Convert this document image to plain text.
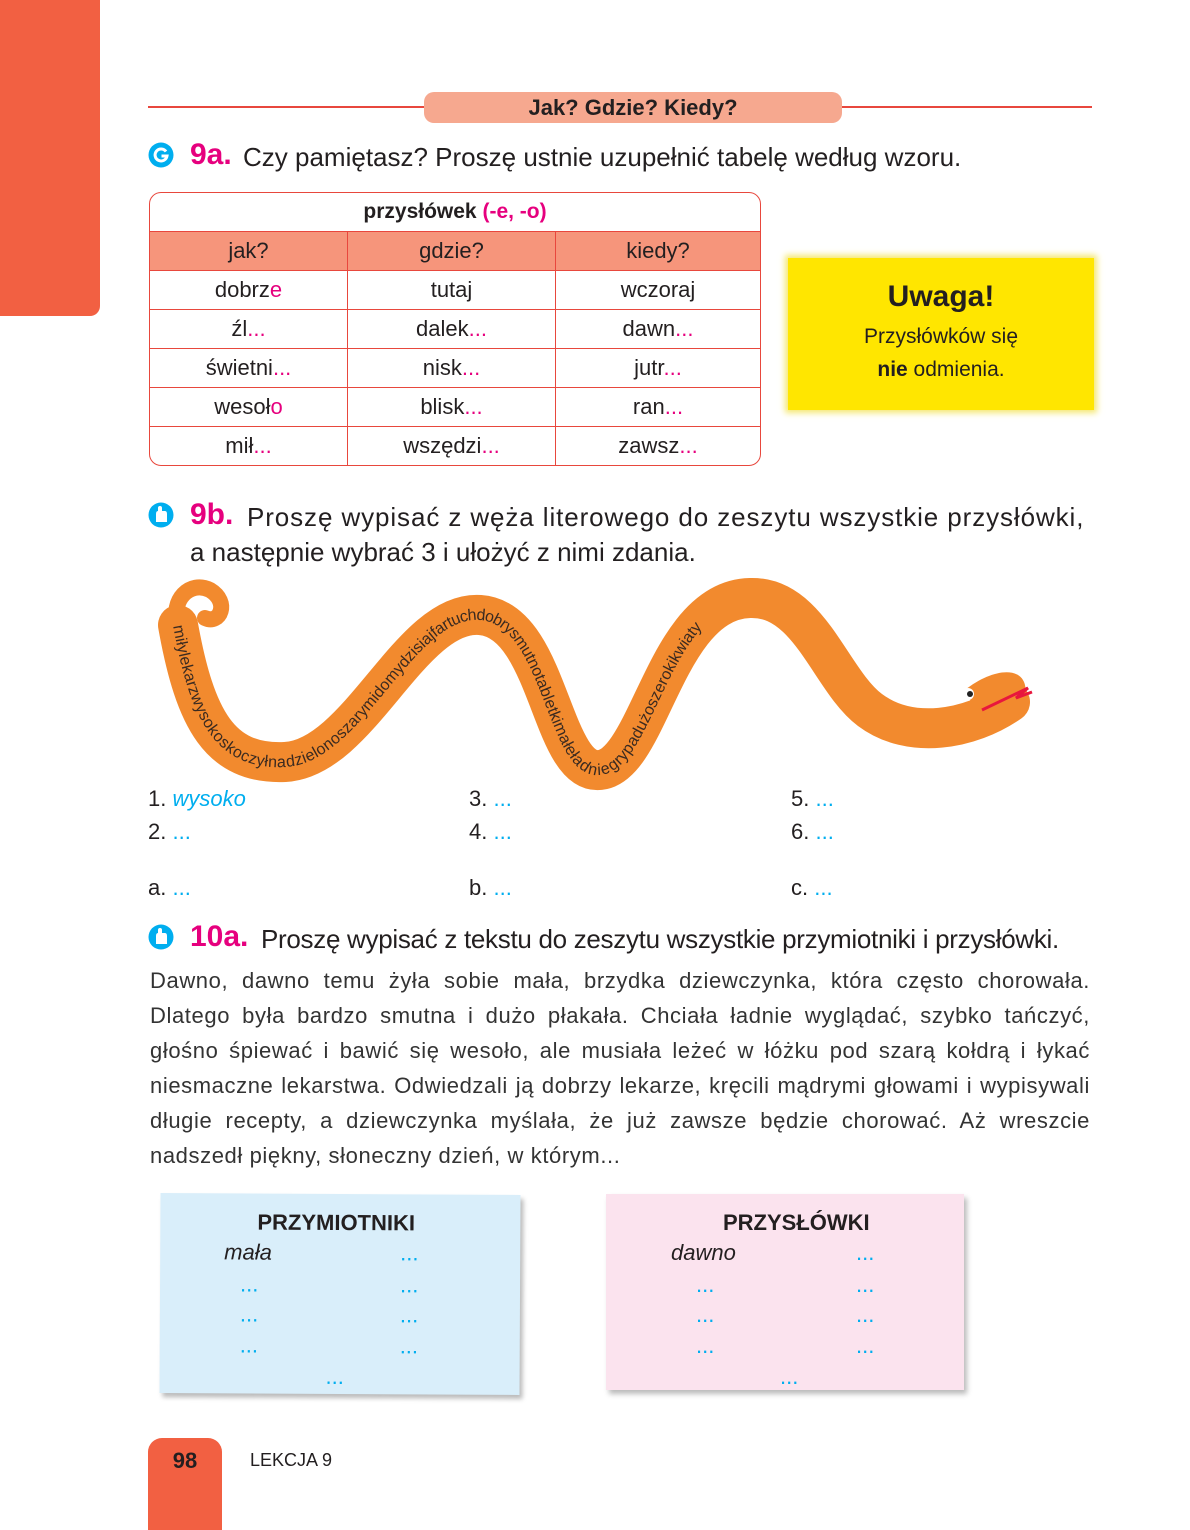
Jak? Gdzie? Kiedy?
9a. Czy pamiętasz? Proszę ustnie uzupełnić tabelę według wzoru.
przysłówek (-e, -o)		
jak?	gdzie?	kiedy?
dobrze	tutaj	wczoraj
źl...	dalek...	dawn...
świetni...	nisk...	jutr...
wesoło	blisk...	ran...
mił...	wszędzi...	zawsz...
Uwaga!
Przysłówków się
nie odmienia.
9b. Proszę wypisać z węża literowego do zeszytu wszystkie przysłówki,
a następnie wybrać 3 i ułożyć z nimi zdania.
miłylekarzwysokoskoczyłnadzielonoszarymidomydzisiajfartuchdobrysmutnotabletkimałeładniegrypadużoszerokikwiaty
1. wysoko
2. ...
3. ...
4. ...
5. ...
6. ...
a. ...	b. ...	c. ...
10a. Proszę wypisać z tekstu do zeszytu wszystkie przymiotniki i przysłówki.
Dawno, dawno temu żyła sobie mała, brzydka dziewczynka, która często chorowała. Dlatego była bardzo smutna i dużo płakała. Chciała ładnie wyglądać, szybko tańczyć, głośno śpiewać i bawić się wesoło, ale musiała leżeć w łóżku pod szarą kołdrą i łykać niesmaczne lekarstwa. Odwiedzali ją dobrzy lekarze, kręcili mądrymi głowami i wypisywali długie recepty, a dziewczynka myślała, że już zawsze będzie chorować. Aż wreszcie nadszedł piękny, słoneczny dzień, w którym...
PRZYMIOTNIKI
mała	...
...	...
...	...
...	...
...
PRZYSŁÓWKI
dawno	...
...	...
...	...
...	...
...
98	LEKCJA 9
